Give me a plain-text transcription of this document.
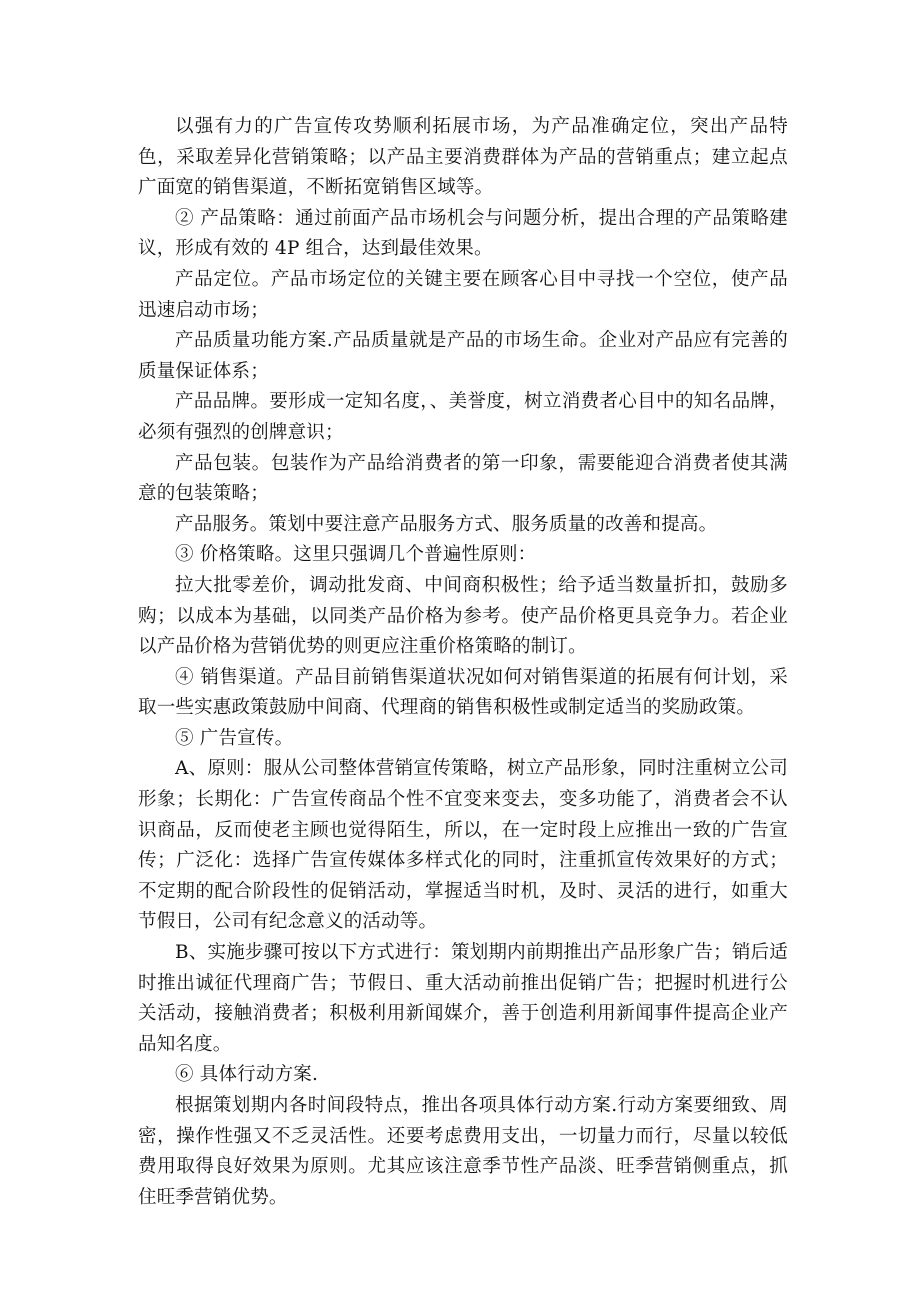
以强有力的广告宣传攻势顺利拓展市场，为产品准确定位，突出产品特色，采取差异化营销策略；以产品主要消费群体为产品的营销重点；建立起点广面宽的销售渠道，不断拓宽销售区域等。

② 产品策略：通过前面产品市场机会与问题分析，提出合理的产品策略建议，形成有效的 4P 组合，达到最佳效果。

产品定位。产品市场定位的关键主要在顾客心目中寻找一个空位，使产品迅速启动市场；

产品质量功能方案.产品质量就是产品的市场生命。企业对产品应有完善的质量保证体系；

产品品牌。要形成一定知名度，、美誉度，树立消费者心目中的知名品牌，必须有强烈的创牌意识；

产品包装。包装作为产品给消费者的第一印象，需要能迎合消费者使其满意的包装策略；

产品服务。策划中要注意产品服务方式、服务质量的改善和提高。

③ 价格策略。这里只强调几个普遍性原则：

拉大批零差价，调动批发商、中间商积极性；给予适当数量折扣，鼓励多购；以成本为基础，以同类产品价格为参考。使产品价格更具竞争力。若企业以产品价格为营销优势的则更应注重价格策略的制订。

④ 销售渠道。产品目前销售渠道状况如何对销售渠道的拓展有何计划，采取一些实惠政策鼓励中间商、代理商的销售积极性或制定适当的奖励政策。

⑤ 广告宣传。

A、原则：服从公司整体营销宣传策略，树立产品形象，同时注重树立公司形象；长期化：广告宣传商品个性不宜变来变去，变多功能了，消费者会不认识商品，反而使老主顾也觉得陌生，所以，在一定时段上应推出一致的广告宣传；广泛化：选择广告宣传媒体多样式化的同时，注重抓宣传效果好的方式；不定期的配合阶段性的促销活动，掌握适当时机，及时、灵活的进行，如重大节假日，公司有纪念意义的活动等。

B、实施步骤可按以下方式进行：策划期内前期推出产品形象广告；销后适时推出诚征代理商广告；节假日、重大活动前推出促销广告；把握时机进行公关活动，接触消费者；积极利用新闻媒介，善于创造利用新闻事件提高企业产品知名度。

⑥ 具体行动方案.

根据策划期内各时间段特点，推出各项具体行动方案.行动方案要细致、周密，操作性强又不乏灵活性。还要考虑费用支出，一切量力而行，尽量以较低费用取得良好效果为原则。尤其应该注意季节性产品淡、旺季营销侧重点，抓住旺季营销优势。
